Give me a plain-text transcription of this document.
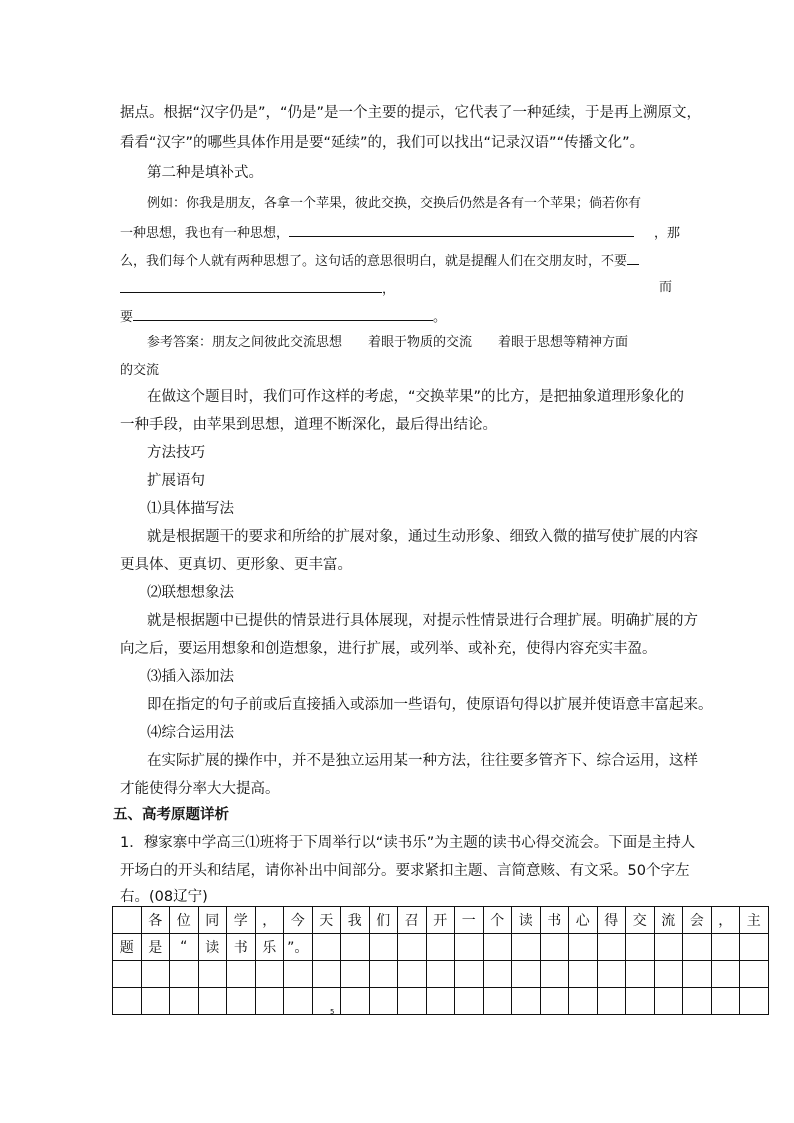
据点。根据“汉字仍是”，“仍是”是一个主要的提示，它代表了一种延续，于是再上溯原文，
看看“汉字”的哪些具体作用是要“延续”的，我们可以找出“记录汉语”“传播文化”。
第二种是填补式。
例如：你我是朋友，各拿一个苹果，彼此交换，交换后仍然是各有一个苹果；倘若你有
一种思想，我也有一种思想，	，那
么，我们每个人就有两种思想了。这句话的意思很明白，就是提醒人们在交朋友时，不要
，	而
要	。
参考答案：朋友之间彼此交流思想　　着眼于物质的交流　　着眼于思想等精神方面
的交流
在做这个题目时，我们可作这样的考虑，“交换苹果”的比方，是把抽象道理形象化的
一种手段，由苹果到思想，道理不断深化，最后得出结论。
方法技巧
扩展语句
⑴具体描写法
就是根据题干的要求和所给的扩展对象，通过生动形象、细致入微的描写使扩展的内容
更具体、更真切、更形象、更丰富。
⑵联想想象法
就是根据题中已提供的情景进行具体展现，对提示性情景进行合理扩展。明确扩展的方
向之后，要运用想象和创造想象，进行扩展，或列举、或补充，使得内容充实丰盈。
⑶插入添加法
即在指定的句子前或后直接插入或添加一些语句，使原语句得以扩展并使语意丰富起来。
⑷综合运用法
在实际扩展的操作中，并不是独立运用某一种方法，往往要多管齐下、综合运用，这样
才能使得分率大大提高。
五、高考原题详析
1．穆家寨中学高三⑴班将于下周举行以“读书乐”为主题的读书心得交流会。下面是主持人
开场白的开头和结尾，请你补出中间部分。要求紧扣主题、言简意赅、有文采。50个字左
右。(08辽宁)
	各	位	同	学	，	今	天	我	们	召	开	一	个	读	书	心	得	交	流	会	，	主
题	是	“	读	书	乐	”。																

5
